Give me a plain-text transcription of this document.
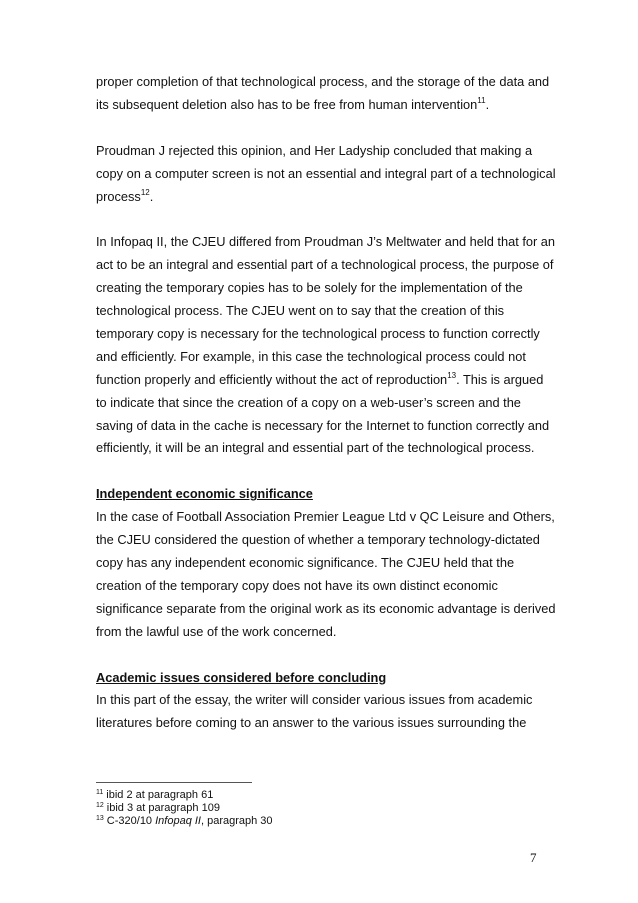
proper completion of that technological process, and the storage of the data and its subsequent deletion also has to be free from human intervention$^{11}$.

Proudman J rejected this opinion, and Her Ladyship concluded that making a copy on a computer screen is not an essential and integral part of a technological process$^{12}$.

In Infopaq II, the CJEU differed from Proudman J’s Meltwater and held that for an act to be an integral and essential part of a technological process, the purpose of creating the temporary copies has to be solely for the implementation of the technological process. The CJEU went on to say that the creation of this temporary copy is necessary for the technological process to function correctly and efficiently. For example, in this case the technological process could not function properly and efficiently without the act of reproduction$^{13}$. This is argued to indicate that since the creation of a copy on a web-user’s screen and the saving of data in the cache is necessary for the Internet to function correctly and efficiently, it will be an integral and essential part of the technological process.

Independent economic significance

In the case of Football Association Premier League Ltd v QC Leisure and Others, the CJEU considered the question of whether a temporary technology-dictated copy has any independent economic significance. The CJEU held that the creation of the temporary copy does not have its own distinct economic significance separate from the original work as its economic advantage is derived from the lawful use of the work concerned.

Academic issues considered before concluding

In this part of the essay, the writer will consider various issues from academic literatures before coming to an answer to the various issues surrounding the

$^{11}$ ibid 2 at paragraph 61

$^{12}$ ibid 3 at paragraph 109

$^{13}$ C-320/10 Infopaq II, paragraph 30

7
